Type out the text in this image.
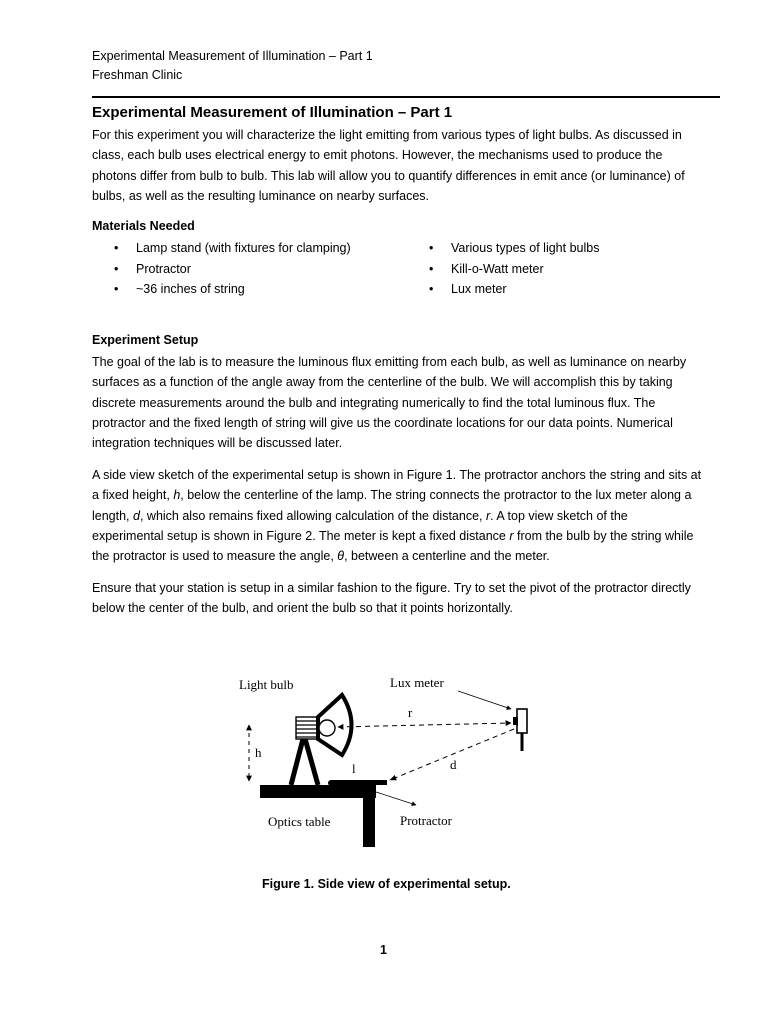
Experimental Measurement of Illumination – Part 1
Freshman Clinic
Experimental Measurement of Illumination – Part 1

For this experiment you will characterize the light emitting from various types of light bulbs. As discussed in class, each bulb uses electrical energy to emit photons. However, the mechanisms used to produce the photons differ from bulb to bulb. This lab will allow you to quantify differences in emit ance (or luminance) of bulbs, as well as the resulting luminance on nearby surfaces.

Materials Needed
• Lamp stand (with fixtures for clamping)
• Protractor
• ~36 inches of string
• Various types of light bulbs
• Kill-o-Watt meter
• Lux meter
Experiment Setup

The goal of the lab is to measure the luminous flux emitting from each bulb, as well as luminance on nearby surfaces as a function of the angle away from the centerline of the bulb. We will accomplish this by taking discrete measurements around the bulb and integrating numerically to find the total luminous flux. The protractor and the fixed length of string will give us the coordinate locations for our data points. Numerical integration techniques will be discussed later.

A side view sketch of the experimental setup is shown in Figure 1. The protractor anchors the string and sits at a fixed height, h, below the centerline of the lamp. The string connects the protractor to the lux meter along a length, d, which also remains fixed allowing calculation of the distance, r. A top view sketch of the experimental setup is shown in Figure 2. The meter is kept a fixed distance r from the bulb by the string while the protractor is used to measure the angle, θ, between a centerline and the meter.

Ensure that your station is setup in a similar fashion to the figure. Try to set the pivot of the protractor directly below the center of the bulb, and orient the bulb so that it points horizontally.

h
r
d
l
Light bulb	Lux meter
Optics table	Protractor
Figure 1. Side view of experimental setup.
1
